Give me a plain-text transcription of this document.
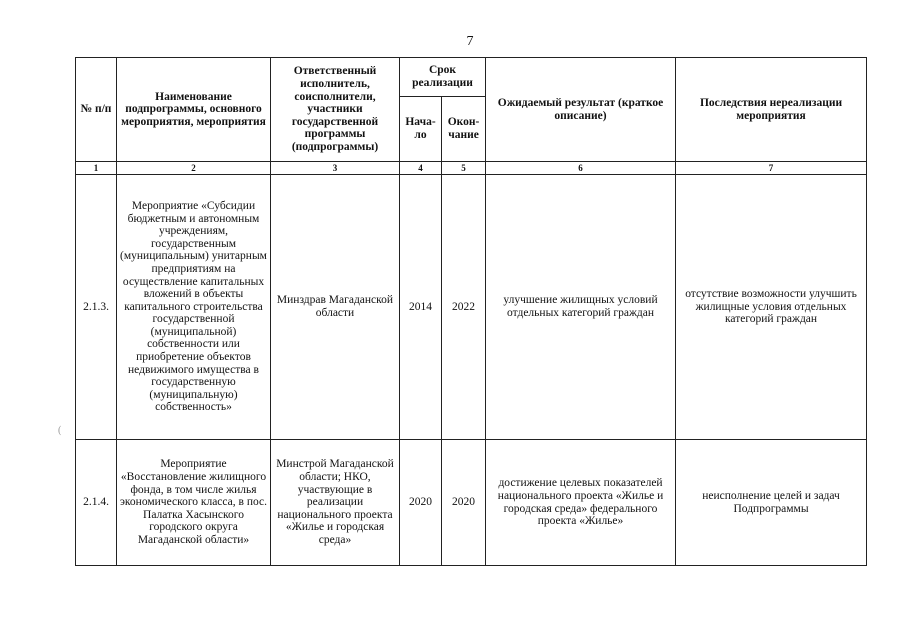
7
(
№ п/п	Наименование подпрограммы, основного мероприятия, мероприятия	Ответственный исполнитель, соисполнители, участники государственной программы (подпрограммы)	Срок реализации		Ожидаемый результат (краткое описание)	Последствия нереализации мероприятия
			Нача-ло	Окон-чание		
1	2	3	4	5	6	7
2.1.3.	Мероприятие «Субсидии бюджетным и автономным учреждениям, государственным (муниципальным) унитарным предприятиям на осуществление капитальных вложений в объекты капитального строительства государственной (муниципальной) собственности или приобретение объектов недвижимого имущества в государственную (муниципальную) собственность»	Минздрав Магаданской области	2014	2022	улучшение жилищных условий отдельных категорий граждан	отсутствие возможности улучшить жилищные условия отдельных категорий граждан
2.1.4.	Мероприятие «Восстановление жилищного фонда, в том числе жилья экономического класса, в пос. Палатка Хасынского городского округа Магаданской области»	Минстрой Магаданской области; НКО, участвующие в реализации национального проекта «Жилье и городская среда»	2020	2020	достижение целевых показателей национального проекта «Жилье и городская среда» федерального проекта «Жилье»	неисполнение целей и задач Подпрограммы
